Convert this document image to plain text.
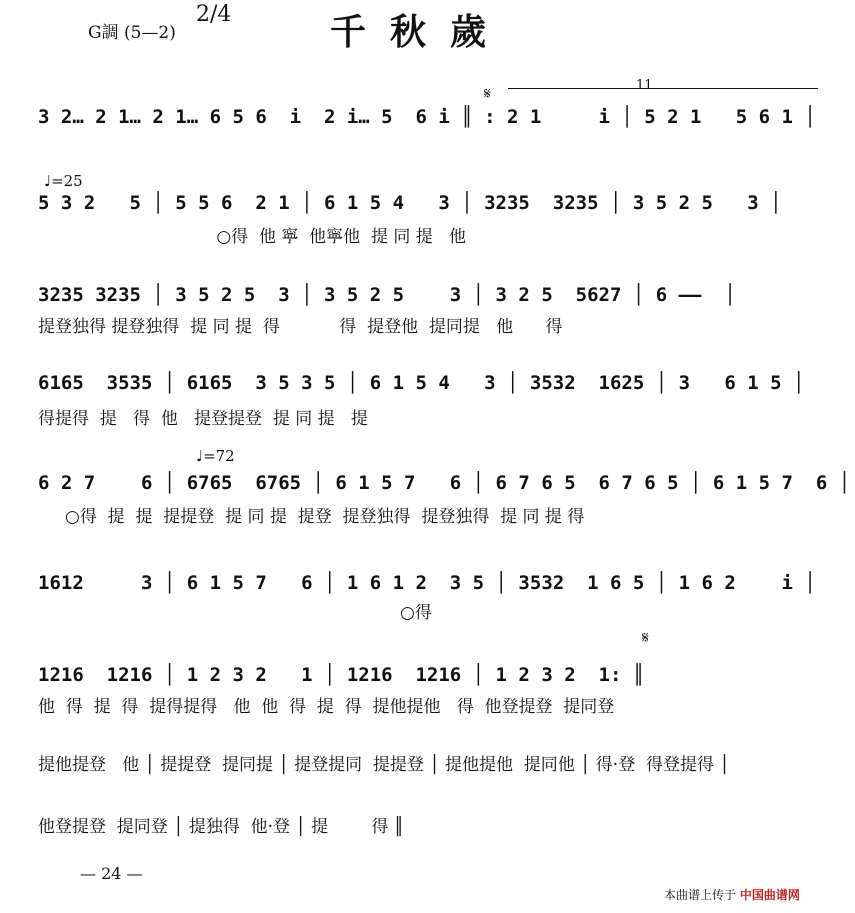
G調 (5—2)
2/4	千秋歲
11
𝄋
𝄋
♩=25
♩=72
3 2… 2 1… 2 1… 6 5 6  i  2 i… 5  6 i ║ : 2 1     i │ 5 2 1   5 6 1 │
5 3 2   5 │ 5 5 6  2 1 │ 6 1 5 4   3 │ 3235  3235 │ 3 5 2 5   3 │
○得  他 寧  他寧他  提 同 提   他
3235 3235 │ 3 5 2 5  3 │ 3 5 2 5    3 │ 3 2 5  5627 │ 6 ——  │
提登独得 提登独得  提 同 提  得           得  提登他  提同提   他      得
6165  3535 │ 6165  3 5 3 5 │ 6 1 5 4   3 │ 3532  1625 │ 3   6 1 5 │
得提得  提   得  他   提登提登  提 同 提   提
6 2 7    6 │ 6765  6765 │ 6 1 5 7   6 │ 6 7 6 5  6 7 6 5 │ 6 1 5 7  6 │
○得  提  提  提提登  提 同 提  提登  提登独得  提登独得  提 同 提 得
1612     3 │ 6 1 5 7   6 │ 1 6 1 2  3 5 │ 3532  1 6 5 │ 1 6 2    i │
○得
1216  1216 │ 1 2 3 2   1 │ 1216  1216 │ 1 2 3 2  1: ║
他  得  提  得  提得提得   他  他  得  提  得  提他提他   得  他登提登  提同登
提他提登   他 │ 提提登  提同提 │ 提登提同  提提登 │ 提他提他  提同他 │ 得·登  得登提得 │
他登提登  提同登 │ 提独得  他·登 │ 提        得 ║
— 24 —
本曲谱上传于 中国曲谱网
